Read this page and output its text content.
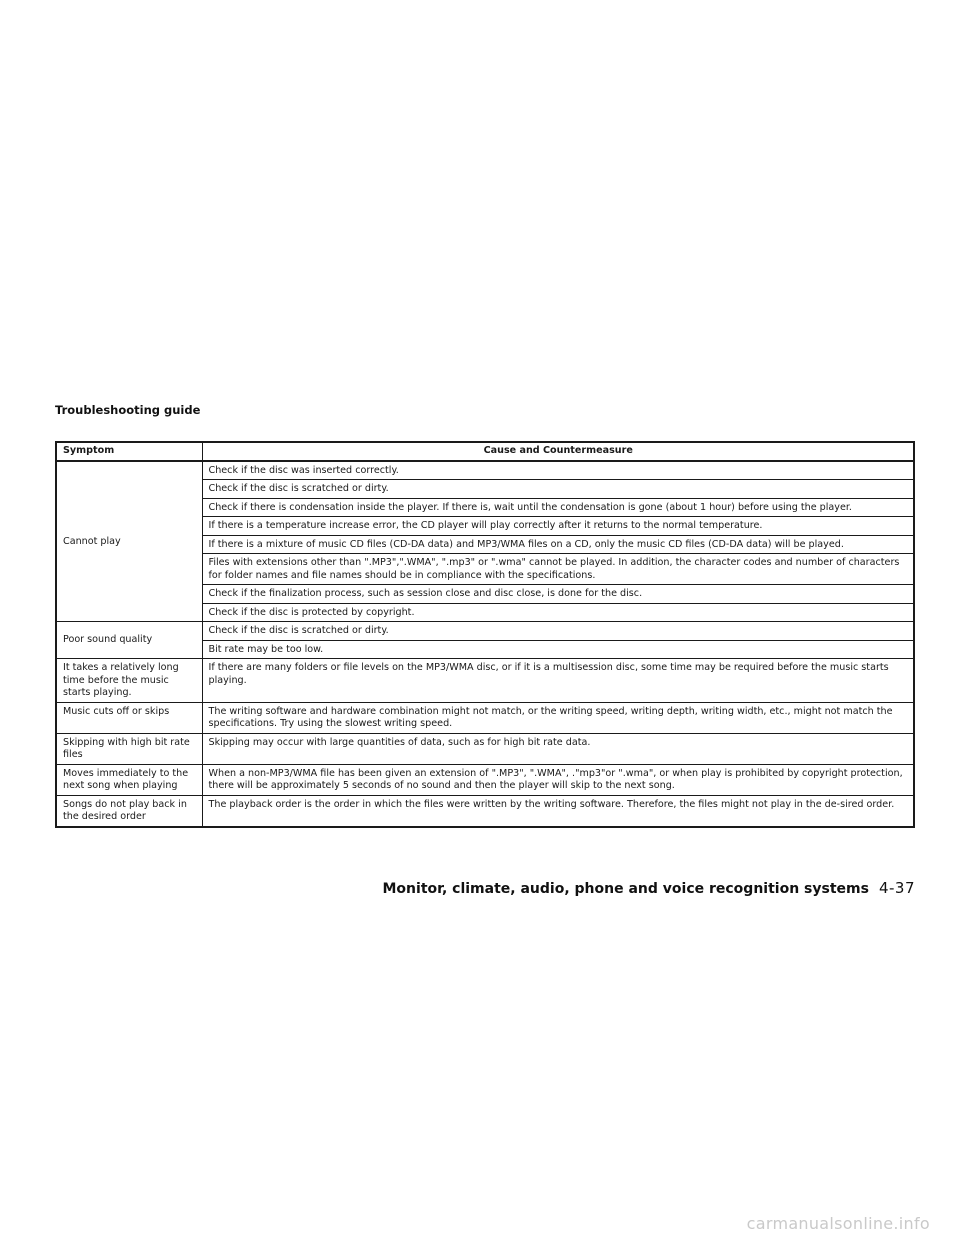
Troubleshooting guide
Symptom	Cause and Countermeasure
Cannot play	Check if the disc was inserted correctly.
	Check if the disc is scratched or dirty.
	Check if there is condensation inside the player. If there is, wait until the condensation is gone (about 1 hour) before using the player.
	If there is a temperature increase error, the CD player will play correctly after it returns to the normal temperature.
	If there is a mixture of music CD files (CD-DA data) and MP3/WMA files on a CD, only the music CD files (CD-DA data) will be played.
	Files with extensions other than ".MP3",".WMA", ".mp3" or ".wma" cannot be played. In addition, the character codes and number of characters for folder names and file names should be in compliance with the specifications.
	Check if the finalization process, such as session close and disc close, is done for the disc.
	Check if the disc is protected by copyright.
Poor sound quality	Check if the disc is scratched or dirty.
	Bit rate may be too low.
It takes a relatively long time before the music starts playing.	If there are many folders or file levels on the MP3/WMA disc, or if it is a multisession disc, some time may be required before the music starts playing.
Music cuts off or skips	The writing software and hardware combination might not match, or the writing speed, writing depth, writing width, etc., might not match the specifications. Try using the slowest writing speed.
Skipping with high bit rate files	Skipping may occur with large quantities of data, such as for high bit rate data.
Moves immediately to the next song when playing	When a non-MP3/WMA file has been given an extension of ".MP3", ".WMA", ."mp3"or ".wma", or when play is prohibited by copyright protection, there will be approximately 5 seconds of no sound and then the player will skip to the next song.
Songs do not play back in the desired order	The playback order is the order in which the files were written by the writing software. Therefore, the files might not play in the de-sired order.
Monitor, climate, audio, phone and voice recognition systems 4-37
carmanualsonline.info
